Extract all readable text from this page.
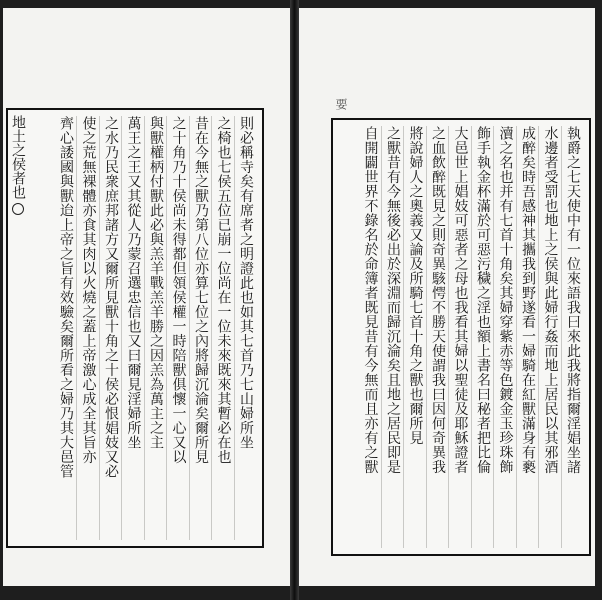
要
則必稱寺矣有席者之明證此也如其七首乃七山婦所坐
之椅也七侯五位已崩一位尚在一位未來既來其暫必在也
昔在今無之獸乃第八位亦算七位之內將歸沉淪矣爾所見
之十角乃十侯尚未得都但領侯權一時陪獸俱懷一心又以
與獸權柄付獸此必與羔羊戰羔羊勝之因羔為萬主之主
萬王之王又其從人乃蒙召選忠信也又曰爾見淫婦所坐
之水乃民衆庶邦諸方又爾所見獸十角之十侯必恨娼妓又必
使之荒無裸體亦食其肉以火燒之蓋上帝激心成全其旨亦
齊心諉國與獸迨上帝之旨有效驗矣爾所看之婦乃其大邑管	執爵之七天使中有一位來語我曰來此我將指爾淫娼坐諸
水邊者受罰也地上之侯與此婦行姦而地上居民以其邪酒
成醉矣時吾感神其攜我到野遂看一婦騎在紅獸滿身有褻
瀆之名也并有七首十角矣其婦穿紫赤等色鍍金玉珍珠飾
飾手執金杯滿於可惡污穢之淫也額上書名曰秘者把比倫
大邑世上娼妓可惡者之母也我看其婦以聖徒及耶穌證者
之血飲醉既見之則奇異駭愕不勝天使謂我曰因何奇異我
將說婦人之奧義又論及所騎七首十角之獸也爾所見
之獸昔有今無後必出於深淵而歸沉淪矣且地之居民即是
自開闢世界不錄名於命簿者既見昔有今無而且亦有之獸
地土之侯者也
